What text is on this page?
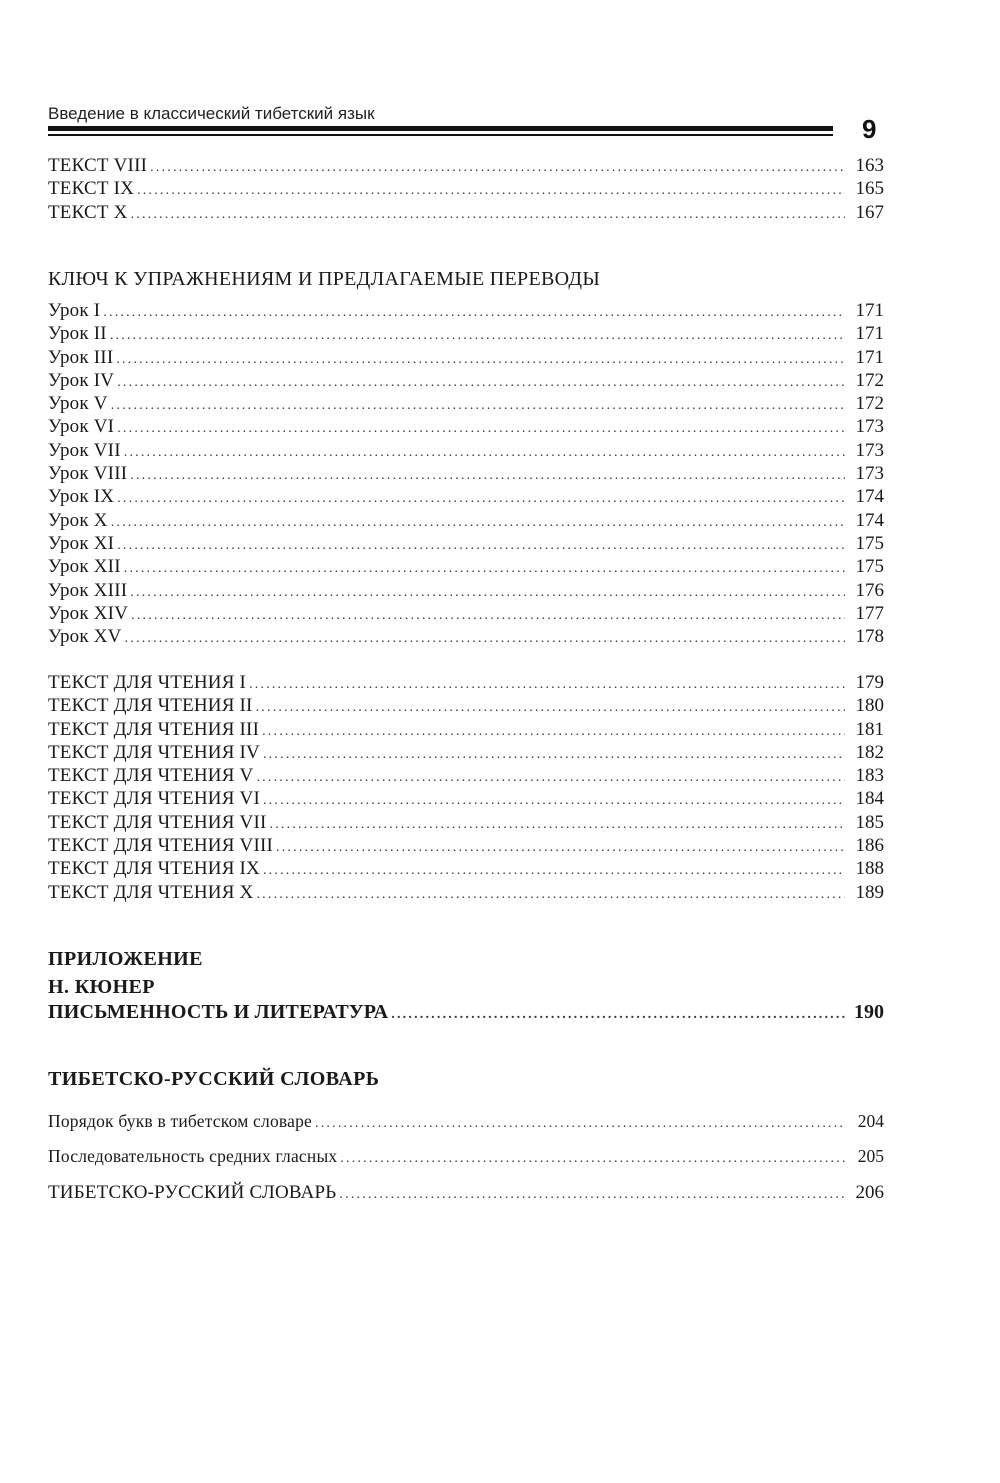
Введение в классический тибетский язык
9
ТЕКСТ VIII .....	163
ТЕКСТ IX .....	165
ТЕКСТ X .....	167
КЛЮЧ К УПРАЖНЕНИЯМ И ПРЕДЛАГАЕМЫЕ ПЕРЕВОДЫ
Урок I .....	171
Урок II .....	171
Урок III .....	171
Урок IV .....	172
Урок V .....	172
Урок VI .....	173
Урок VII .....	173
Урок VIII .....	173
Урок IX .....	174
Урок X .....	174
Урок XI .....	175
Урок XII .....	175
Урок XIII .....	176
Урок XIV .....	177
Урок XV .....	178
ТЕКСТ ДЛЯ ЧТЕНИЯ I .....	179
ТЕКСТ ДЛЯ ЧТЕНИЯ II .....	180
ТЕКСТ ДЛЯ ЧТЕНИЯ III .....	181
ТЕКСТ ДЛЯ ЧТЕНИЯ IV .....	182
ТЕКСТ ДЛЯ ЧТЕНИЯ V .....	183
ТЕКСТ ДЛЯ ЧТЕНИЯ VI .....	184
ТЕКСТ ДЛЯ ЧТЕНИЯ VII .....	185
ТЕКСТ ДЛЯ ЧТЕНИЯ VIII .....	186
ТЕКСТ ДЛЯ ЧТЕНИЯ IX .....	188
ТЕКСТ ДЛЯ ЧТЕНИЯ X .....	189
ПРИЛОЖЕНИЕ
Н. КЮНЕР
ПИСЬМЕННОСТЬ И ЛИТЕРАТУРА .....	190
ТИБЕТСКО-РУССКИЙ СЛОВАРЬ
Порядок букв в тибетском словаре .....	204
Последовательность средних гласных .....	205
ТИБЕТСКО-РУССКИЙ СЛОВАРЬ .....	206
